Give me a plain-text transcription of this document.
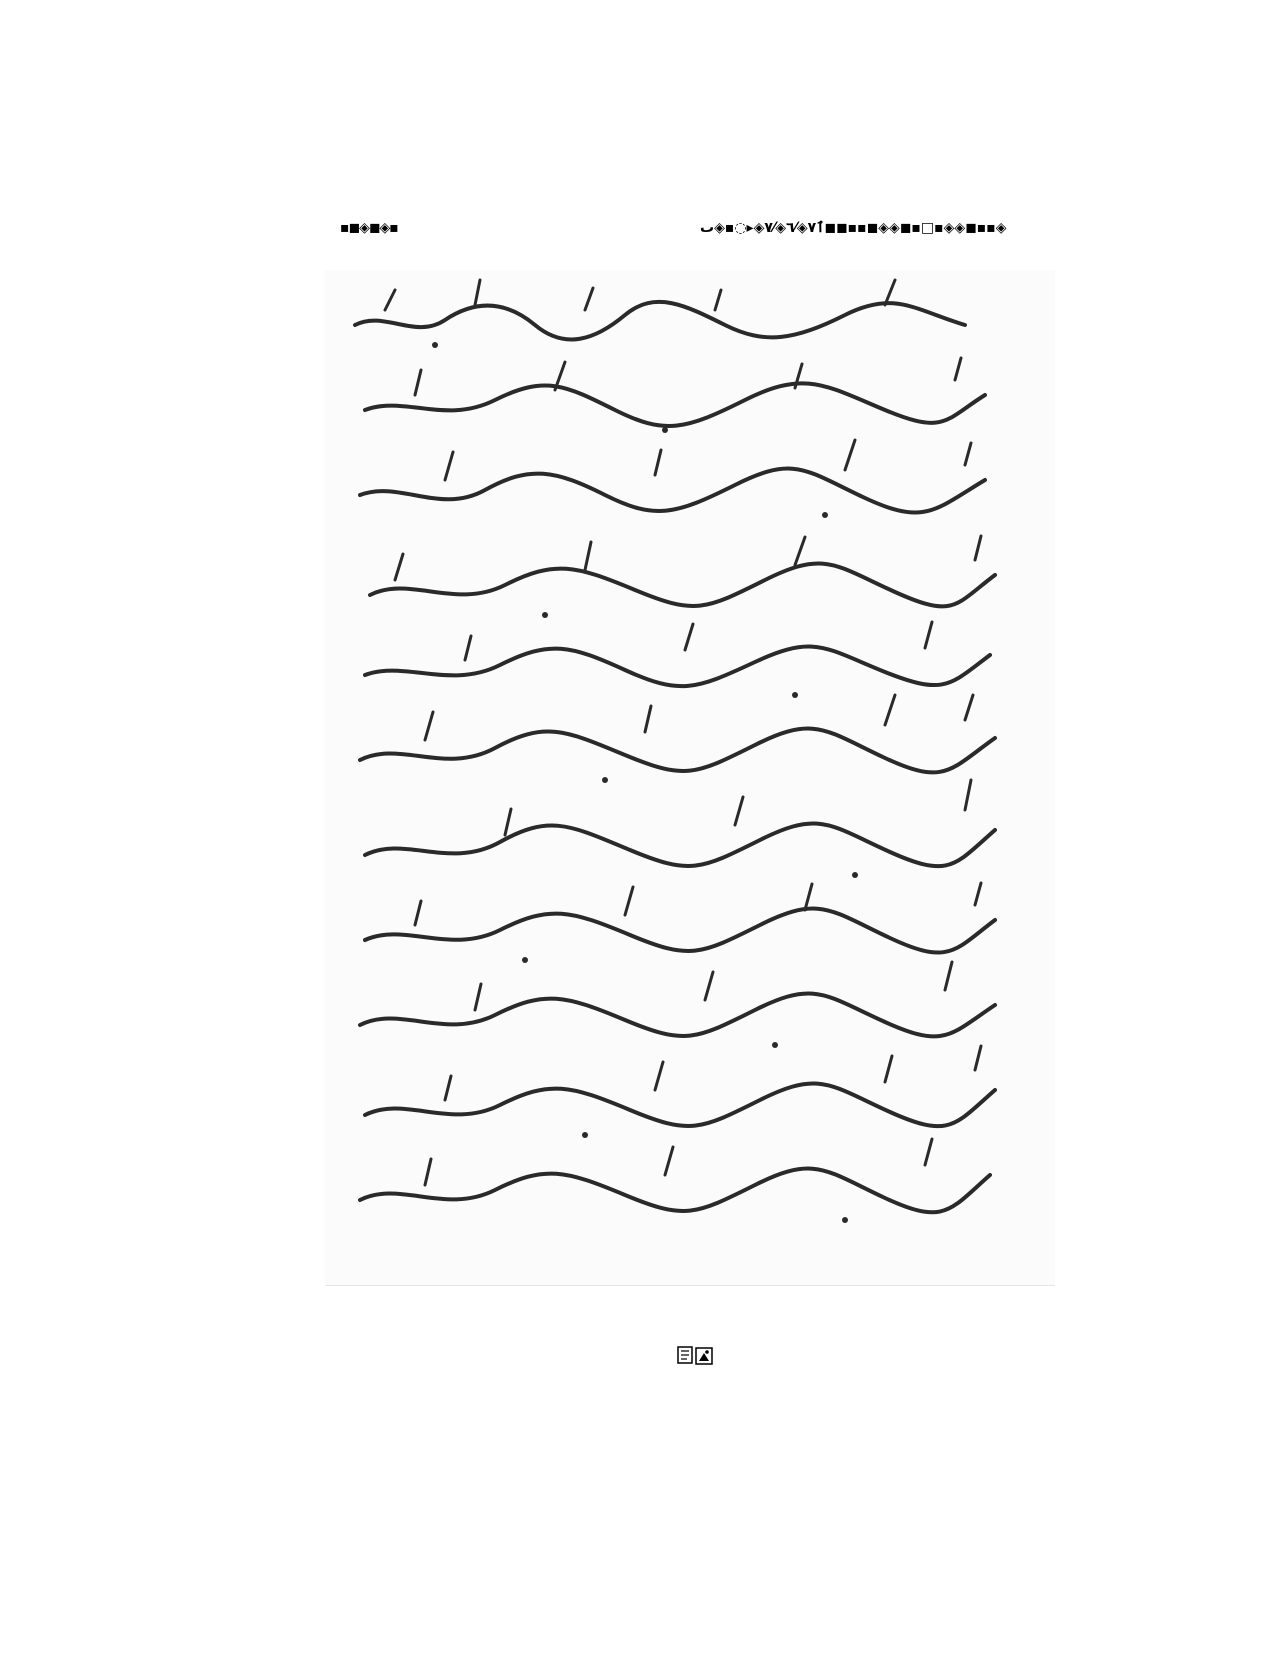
▪◼◈◼◈▪	ٱ٧◈⁄٦◈⁄٧◈▸◌▪◈ٮ◼◼▪▪◼◈◈◼▪□▪◈◈◼▪▪◈
